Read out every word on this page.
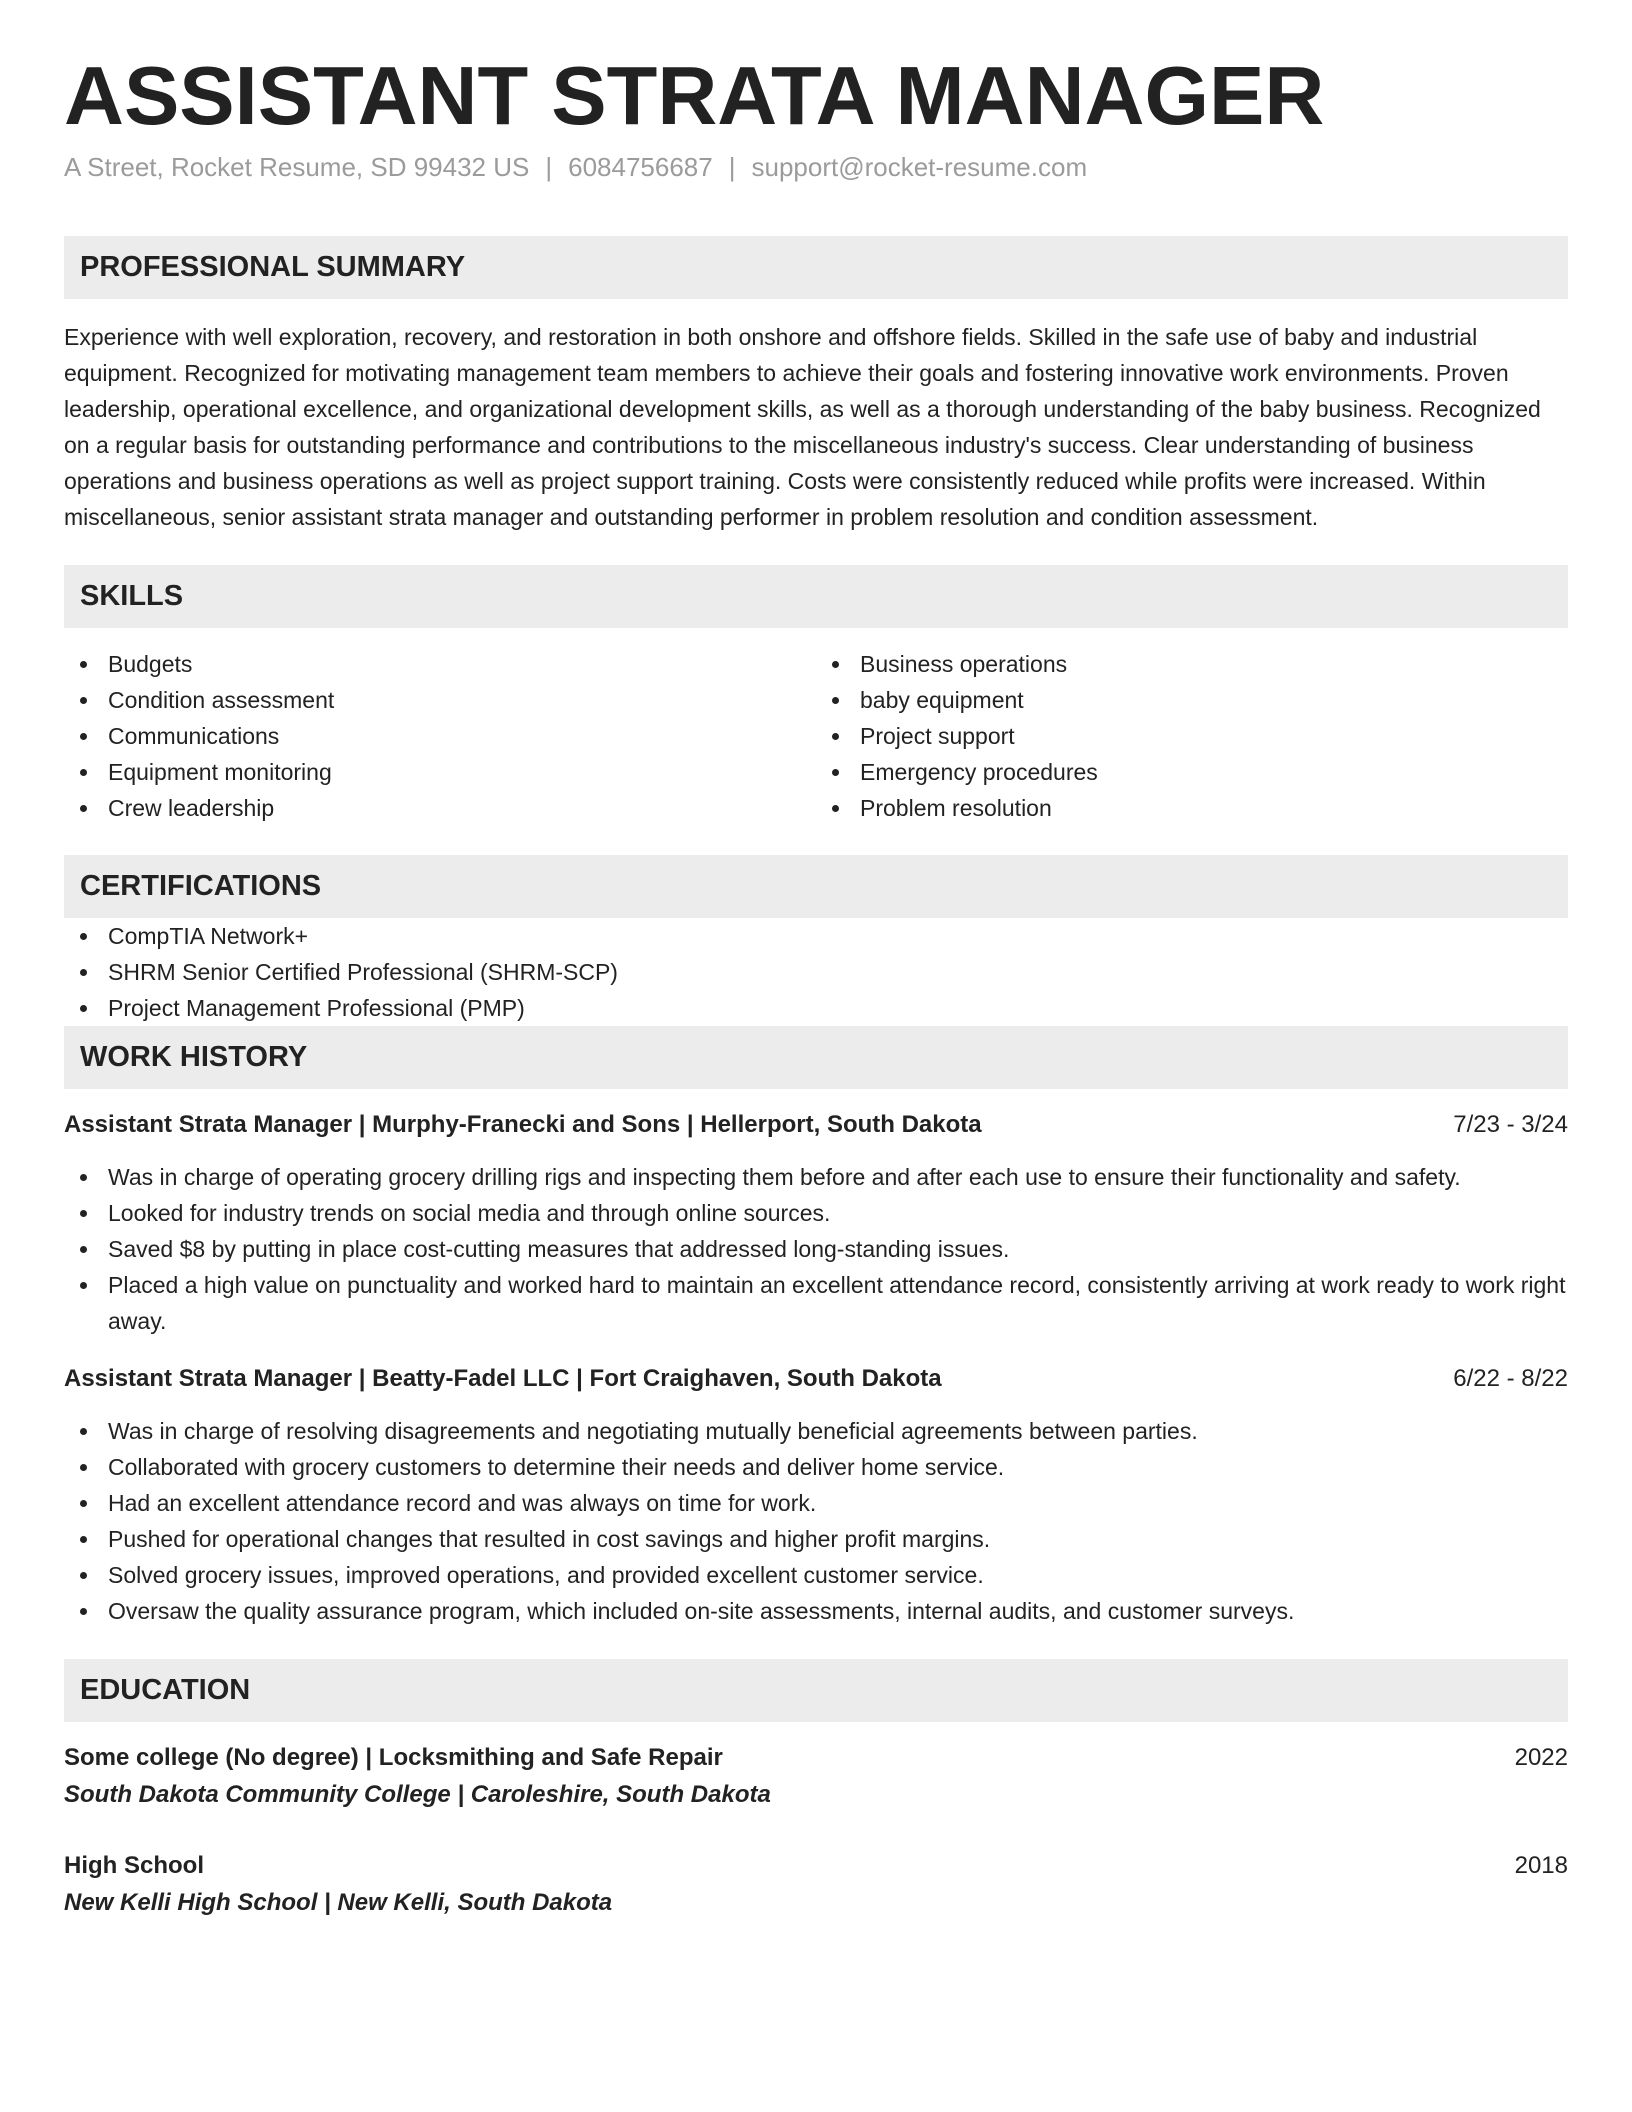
ASSISTANT STRATA MANAGER
A Street, Rocket Resume, SD 99432 US | 6084756687 | support@rocket-resume.com
PROFESSIONAL SUMMARY

Experience with well exploration, recovery, and restoration in both onshore and offshore fields. Skilled in the safe use of baby and industrial equipment. Recognized for motivating management team members to achieve their goals and fostering innovative work environments. Proven leadership, operational excellence, and organizational development skills, as well as a thorough understanding of the baby business. Recognized on a regular basis for outstanding performance and contributions to the miscellaneous industry's success. Clear understanding of business operations and business operations as well as project support training. Costs were consistently reduced while profits were increased. Within miscellaneous, senior assistant strata manager and outstanding performer in problem resolution and condition assessment.

SKILLS
Budgets
Condition assessment
Communications
Equipment monitoring
Crew leadership
Business operations
baby equipment
Project support
Emergency procedures
Problem resolution
CERTIFICATIONS
CompTIA Network+
SHRM Senior Certified Professional (SHRM-SCP)
Project Management Professional (PMP)
WORK HISTORY
Assistant Strata Manager | Murphy-Franecki and Sons | Hellerport, South Dakota	7/23 - 3/24
Was in charge of operating grocery drilling rigs and inspecting them before and after each use to ensure their functionality and safety.
Looked for industry trends on social media and through online sources.
Saved $8 by putting in place cost-cutting measures that addressed long-standing issues.
Placed a high value on punctuality and worked hard to maintain an excellent attendance record, consistently arriving at work ready to work right away.
Assistant Strata Manager | Beatty-Fadel LLC | Fort Craighaven, South Dakota	6/22 - 8/22
Was in charge of resolving disagreements and negotiating mutually beneficial agreements between parties.
Collaborated with grocery customers to determine their needs and deliver home service.
Had an excellent attendance record and was always on time for work.
Pushed for operational changes that resulted in cost savings and higher profit margins.
Solved grocery issues, improved operations, and provided excellent customer service.
Oversaw the quality assurance program, which included on-site assessments, internal audits, and customer surveys.
EDUCATION
Some college (No degree) | Locksmithing and Safe Repair	2022
South Dakota Community College | Caroleshire, South Dakota
High School	2018
New Kelli High School | New Kelli, South Dakota
